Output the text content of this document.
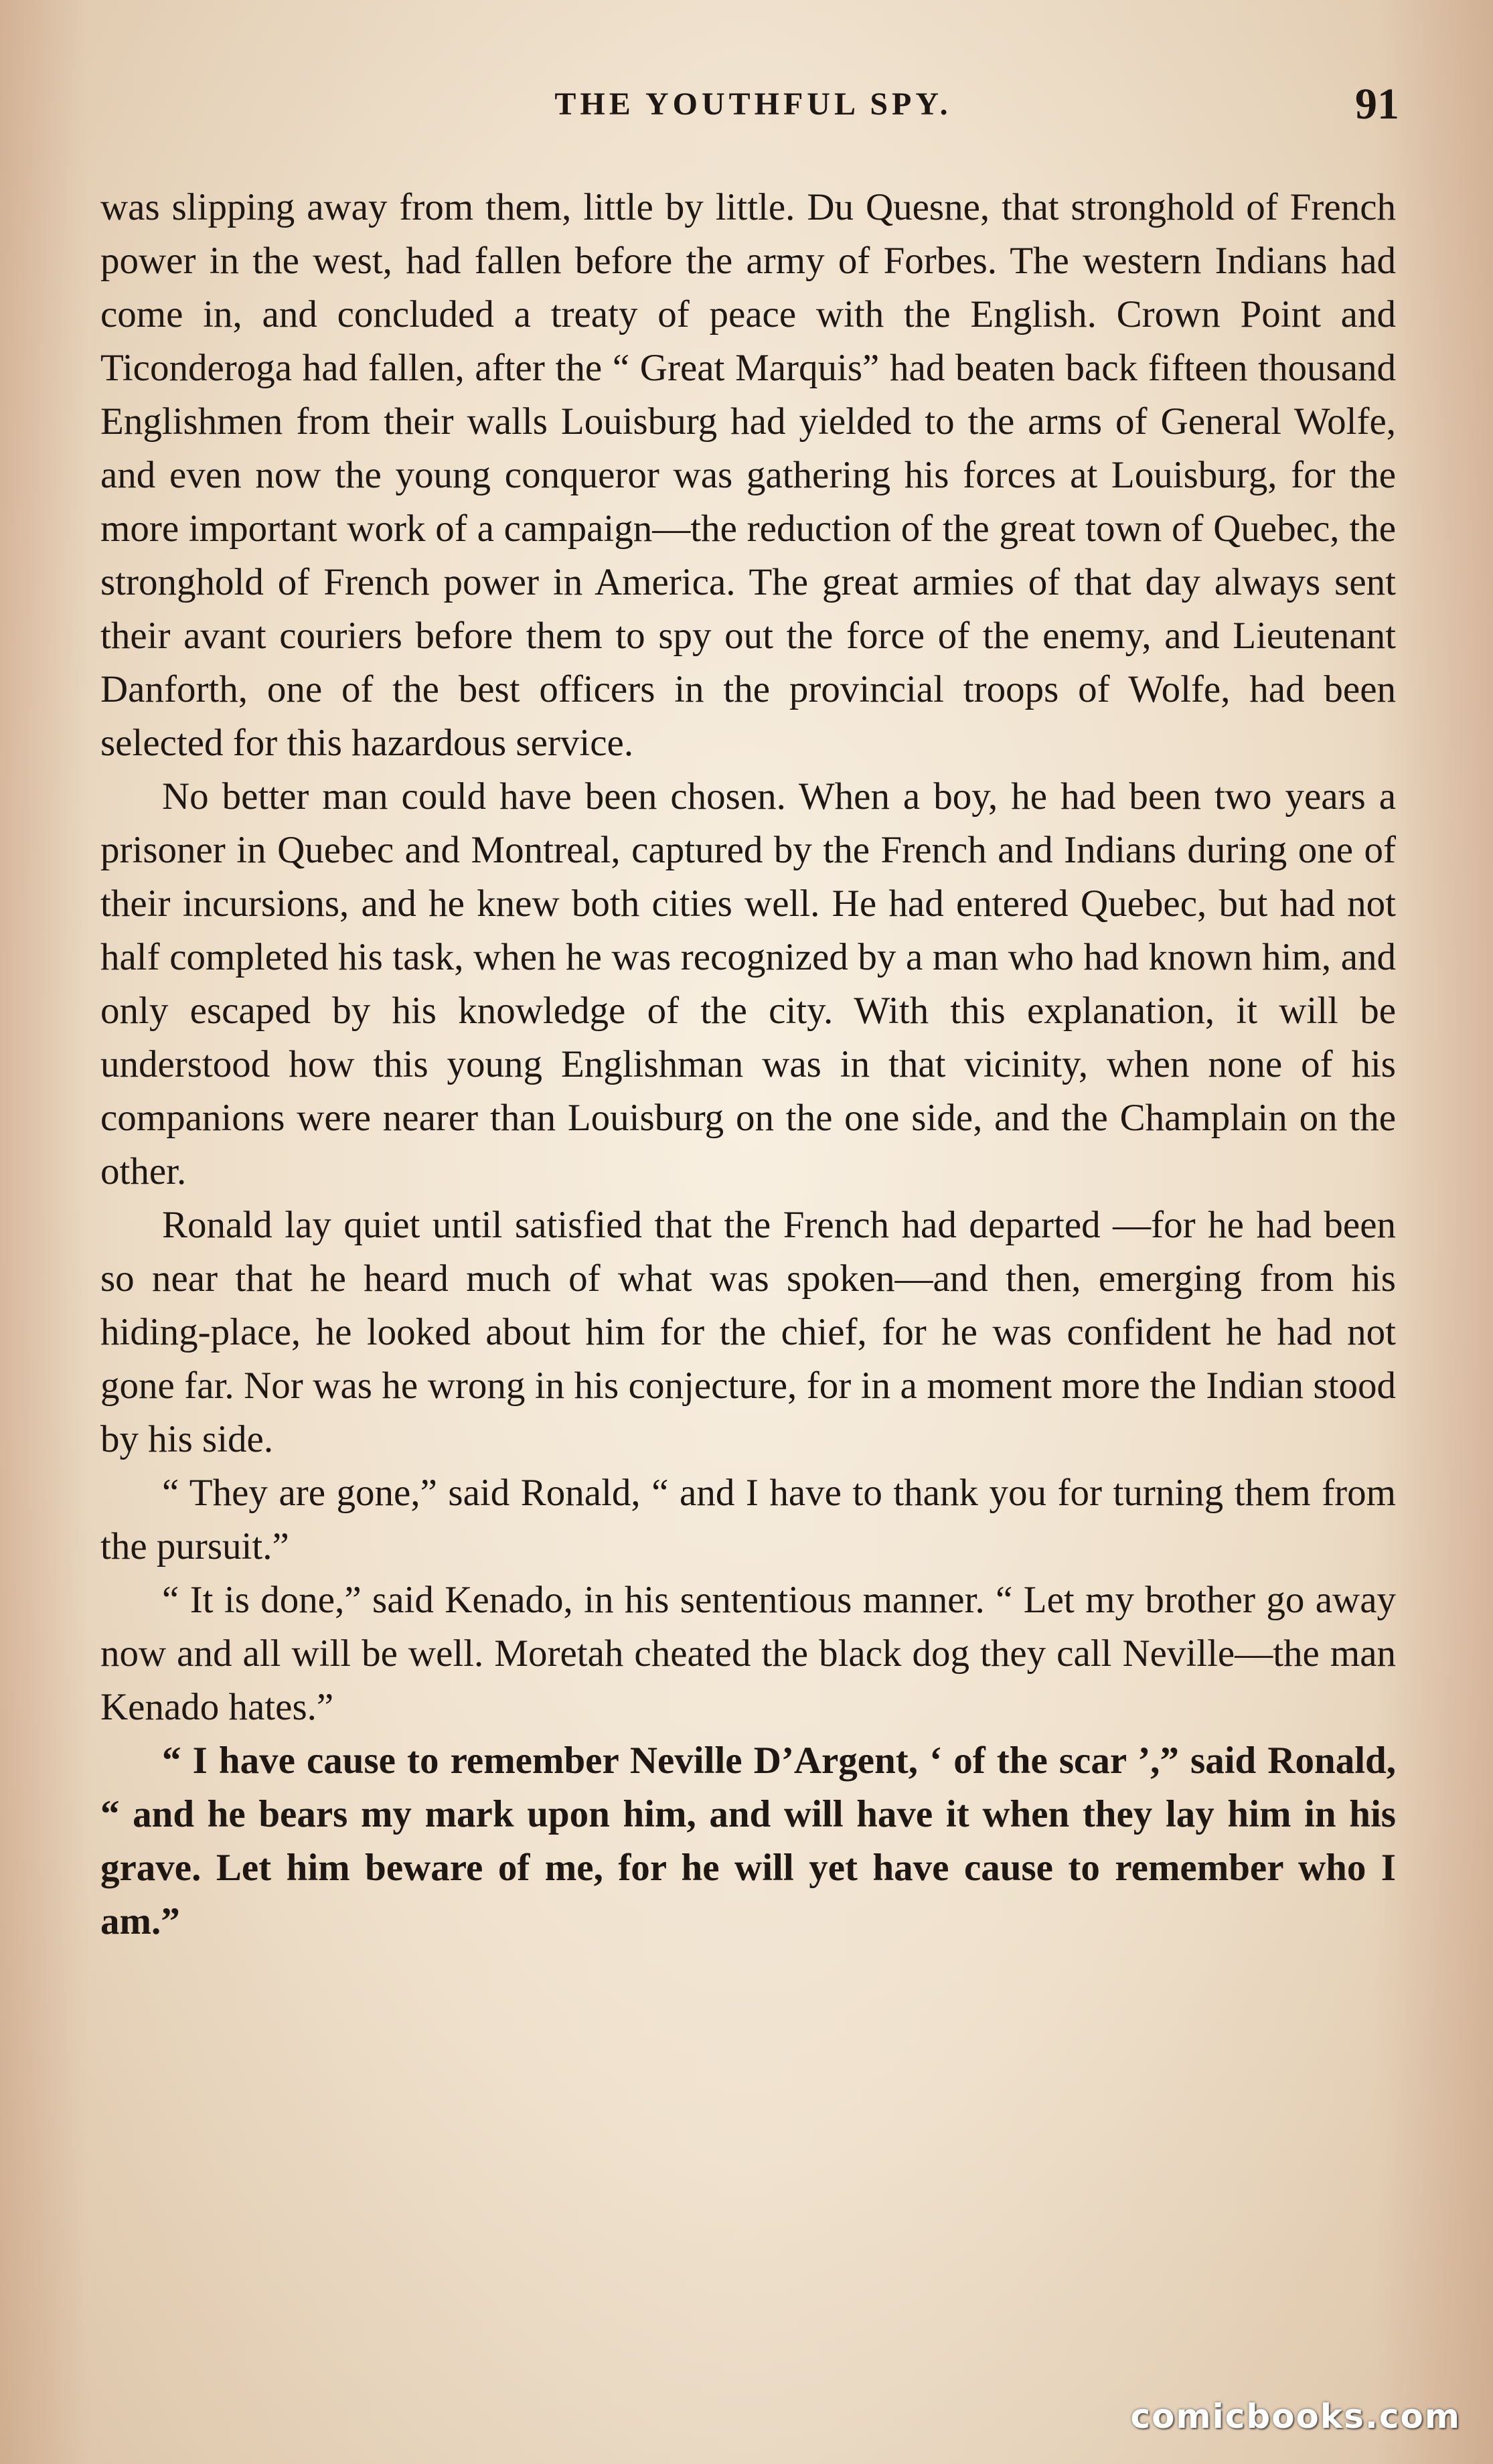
THE YOUTHFUL SPY.	91

was slipping away from them, little by little. Du Quesne, that stronghold of French power in the west, had fallen before the army of Forbes. The western Indians had come in, and concluded a treaty of peace with the English. Crown Point and Ticonderoga had fallen, after the “ Great Marquis” had beaten back fifteen thousand Englishmen from their walls Louisburg had yielded to the arms of General Wolfe, and even now the young conqueror was gathering his forces at Louisburg, for the more important work of a campaign—the reduction of the great town of Quebec, the stronghold of French power in America. The great armies of that day always sent their avant couriers before them to spy out the force of the enemy, and Lieutenant Danforth, one of the best officers in the provincial troops of Wolfe, had been selected for this hazardous service.

No better man could have been chosen. When a boy, he had been two years a prisoner in Quebec and Montreal, captured by the French and Indians during one of their incursions, and he knew both cities well. He had entered Quebec, but had not half completed his task, when he was recognized by a man who had known him, and only escaped by his knowledge of the city. With this explanation, it will be understood how this young Englishman was in that vicinity, when none of his companions were nearer than Louisburg on the one side, and the Champlain on the other.

Ronald lay quiet until satisfied that the French had departed —for he had been so near that he heard much of what was spoken—and then, emerging from his hiding-place, he looked about him for the chief, for he was confident he had not gone far. Nor was he wrong in his conjecture, for in a moment more the Indian stood by his side.

“ They are gone,” said Ronald, “ and I have to thank you for turning them from the pursuit.”

“ It is done,” said Kenado, in his sententious manner. “ Let my brother go away now and all will be well. Moretah cheated the black dog they call Neville—the man Kenado hates.”

“ I have cause to remember Neville D’Argent, ‘ of the scar ’,” said Ronald, “ and he bears my mark upon him, and will have it when they lay him in his grave. Let him beware of me, for he will yet have cause to remember who I am.”

comicbooks.com
